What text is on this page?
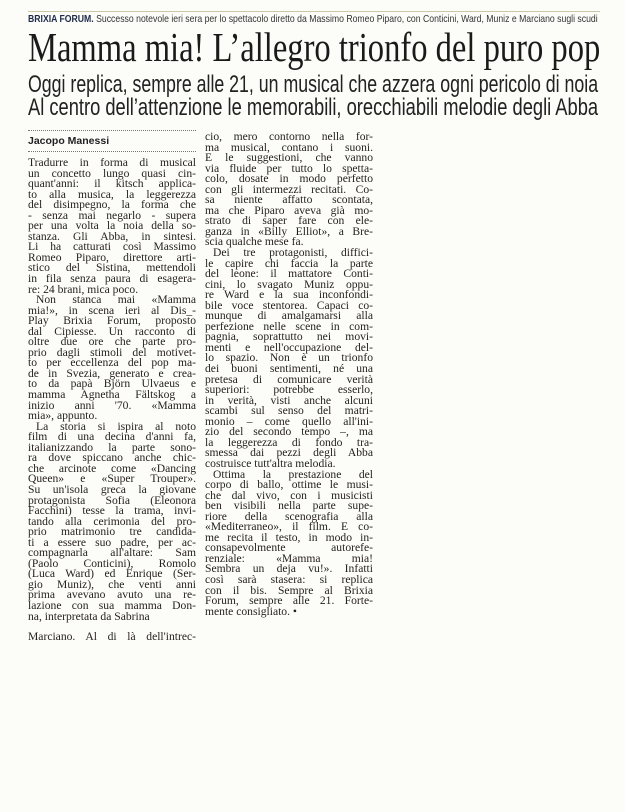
BRIXIA FORUM. Successo notevole ieri sera per lo spettacolo diretto da Massimo Romeo Piparo, con Conticini, Ward, Muniz e Marciano sugli scudi
Mamma mia! L’allegro trionfo del puro pop
Oggi replica, sempre alle 21, un musical che azzera ogni pericolo di noia
Al centro dell’attenzione le memorabili, orecchiabili melodie degli Abba
Jacopo Manessi
Tradurre in forma di musical
un concetto lungo quasi cin-
quant'anni: il kitsch applica-
to alla musica, la leggerezza
del disimpegno, la forma che
- senza mai negarlo - supera
per una volta la noia della so-
stanza. Gli Abba, in sintesi.
Li ha catturati così Massimo
Romeo Piparo, direttore arti-
stico del Sistina, mettendoli
in fila senza paura di esagera-
re: 24 brani, mica poco.
Non stanca mai «Mamma
mia!», in scena ieri al Dis_-
Play Brixia Forum, proposto
dal Cipiesse. Un racconto di
oltre due ore che parte pro-
prio dagli stimoli del motivet-
to per eccellenza del pop ma-
de in Svezia, generato e crea-
to da papà Björn Ulvaeus e
mamma Agnetha Fältskog a
inizio anni '70. «Mamma
mia», appunto.
La storia si ispira al noto
film di una decina d'anni fa,
italianizzando la parte sono-
ra dove spiccano anche chic-
che arcinote come «Dancing
Queen» e «Super Trouper».
Su un'isola greca la giovane
protagonista Sofia (Eleonora
Facchini) tesse la trama, invi-
tando alla cerimonia del pro-
prio matrimonio tre candida-
ti a essere suo padre, per ac-
compagnarla all'altare: Sam
(Paolo Conticini), Romolo
(Luca Ward) ed Enrique (Ser-
gio Muniz), che venti anni
prima avevano avuto una re-
lazione con sua mamma Don-
na, interpretata da Sabrina
Marciano. Al di là dell'intrec-
cio, mero contorno nella for-
ma musical, contano i suoni.
E le suggestioni, che vanno
via fluide per tutto lo spetta-
colo, dosate in modo perfetto
con gli intermezzi recitati. Co-
sa niente affatto scontata,
ma che Piparo aveva già mo-
strato di saper fare con ele-
ganza in «Billy Elliot», a Bre-
scia qualche mese fa.
Dei tre protagonisti, diffici-
le capire chi faccia la parte
del leone: il mattatore Conti-
cini, lo svagato Muniz oppu-
re Ward e la sua inconfondi-
bile voce stentorea. Capaci co-
munque di amalgamarsi alla
perfezione nelle scene in com-
pagnia, soprattutto nei movi-
menti e nell'occupazione del-
lo spazio. Non è un trionfo
dei buoni sentimenti, né una
pretesa di comunicare verità
superiori: potrebbe esserlo,
in verità, visti anche alcuni
scambi sul senso del matri-
monio – come quello all'ini-
zio del secondo tempo –, ma
la leggerezza di fondo tra-
smessa dai pezzi degli Abba
costruisce tutt'altra melodia.
Ottima la prestazione del
corpo di ballo, ottime le musi-
che dal vivo, con i musicisti
ben visibili nella parte supe-
riore della scenografia alla
«Mediterraneo», il film. E co-
me recita il testo, in modo in-
consapevolmente autorefe-
renziale: «Mamma mia!
Sembra un deja vu!». Infatti
così sarà stasera: si replica
con il bis. Sempre al Brixia
Forum, sempre alle 21. Forte-
mente consigliato. •
